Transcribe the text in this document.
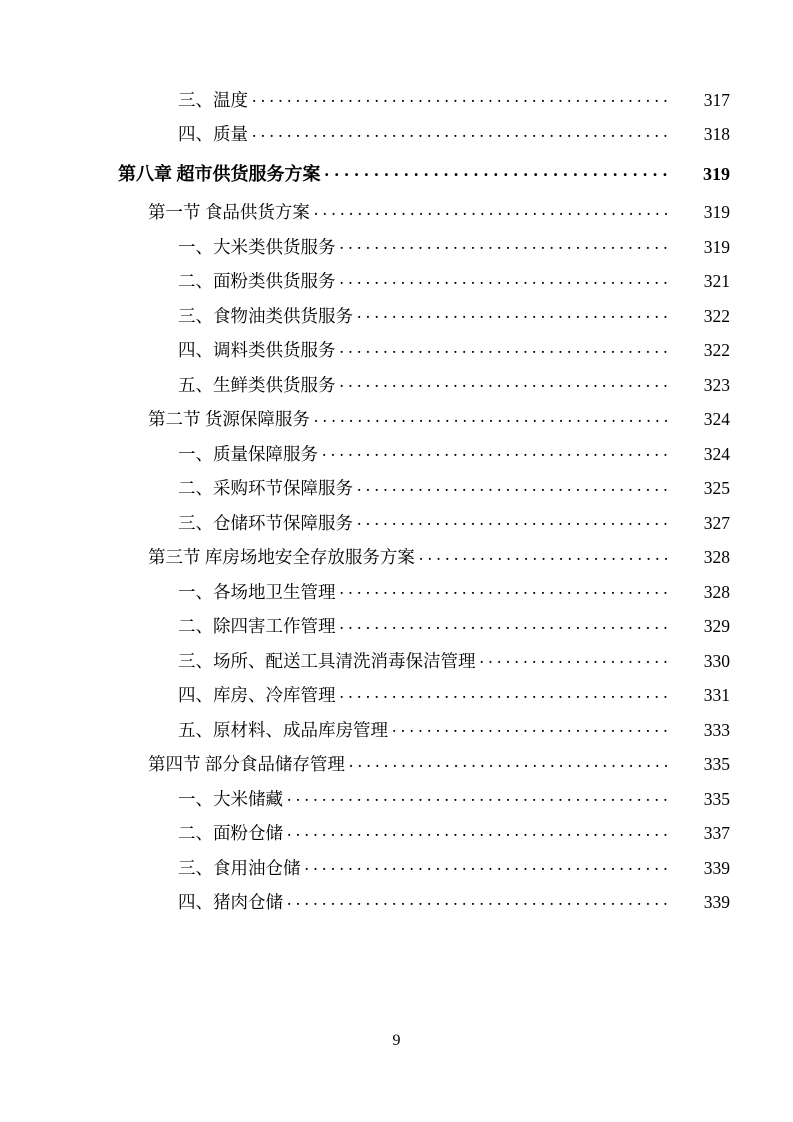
三、温度 . . .	317
四、质量 . . .	318
第八章 超市供货服务方案 . . .	319
第一节 食品供货方案 . . .	319
一、大米类供货服务 . . .	319
二、面粉类供货服务 . . .	321
三、食物油类供货服务 . . .	322
四、调料类供货服务 . . .	322
五、生鲜类供货服务 . . .	323
第二节 货源保障服务 . . .	324
一、质量保障服务 . . .	324
二、采购环节保障服务 . . .	325
三、仓储环节保障服务 . . .	327
第三节 库房场地安全存放服务方案 . . .	328
一、各场地卫生管理 . . .	328
二、除四害工作管理 . . .	329
三、场所、配送工具清洗消毒保洁管理 . . .	330
四、库房、冷库管理 . . .	331
五、原材料、成品库房管理 . . .	333
第四节 部分食品储存管理 . . .	335
一、大米储藏 . . .	335
二、面粉仓储 . . .	337
三、食用油仓储 . . .	339
四、猪肉仓储 . . .	339
9
